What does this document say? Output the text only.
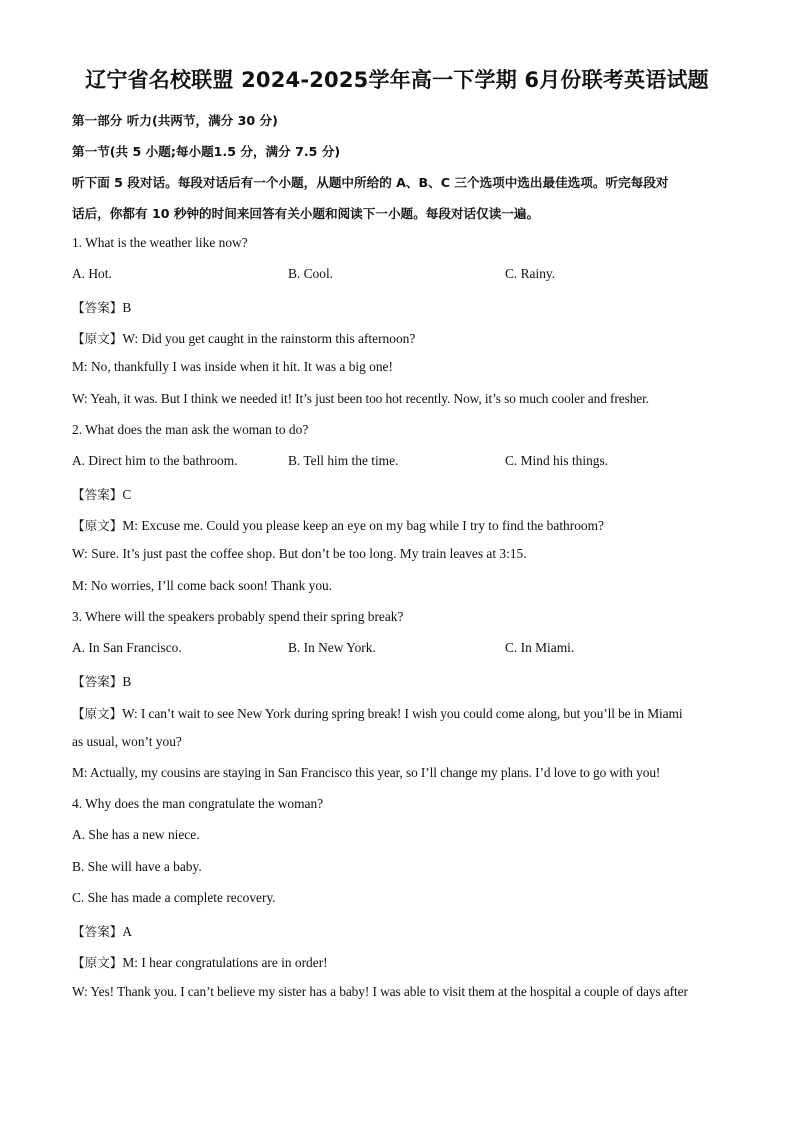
辽宁省名校联盟 2024-2025学年高一下学期 6月份联考英语试题
第一部分 听力(共两节，满分 30 分)
第一节(共 5 小题;每小题1.5 分，满分 7.5 分)
听下面 5 段对话。每段对话后有一个小题，从题中所给的 A、B、C 三个选项中选出最佳选项。听完每段对
话后，你都有 10 秒钟的时间来回答有关小题和阅读下一小题。每段对话仅读一遍。
1. What is the weather like now?
A. Hot.	B. Cool.	C. Rainy.
【答案】B
【原文】W: Did you get caught in the rainstorm this afternoon?
M: No, thankfully I was inside when it hit. It was a big one!
W: Yeah, it was. But I think we needed it! It’s just been too hot recently. Now, it’s so much cooler and fresher.
2. What does the man ask the woman to do?
A. Direct him to the bathroom.	B. Tell him the time.	C. Mind his things.
【答案】C
【原文】M: Excuse me. Could you please keep an eye on my bag while I try to find the bathroom?
W: Sure. It’s just past the coffee shop. But don’t be too long. My train leaves at 3:15.
M: No worries, I’ll come back soon! Thank you.
3. Where will the speakers probably spend their spring break?
A. In San Francisco.	B. In New York.	C. In Miami.
【答案】B
【原文】W: I can’t wait to see New York during spring break! I wish you could come along, but you’ll be in Miami
as usual, won’t you?
M: Actually, my cousins are staying in San Francisco this year, so I’ll change my plans. I’d love to go with you!
4. Why does the man congratulate the woman?
A. She has a new niece.
B. She will have a baby.
C. She has made a complete recovery.
【答案】A
【原文】M: I hear congratulations are in order!
W: Yes! Thank you. I can’t believe my sister has a baby! I was able to visit them at the hospital a couple of days after
